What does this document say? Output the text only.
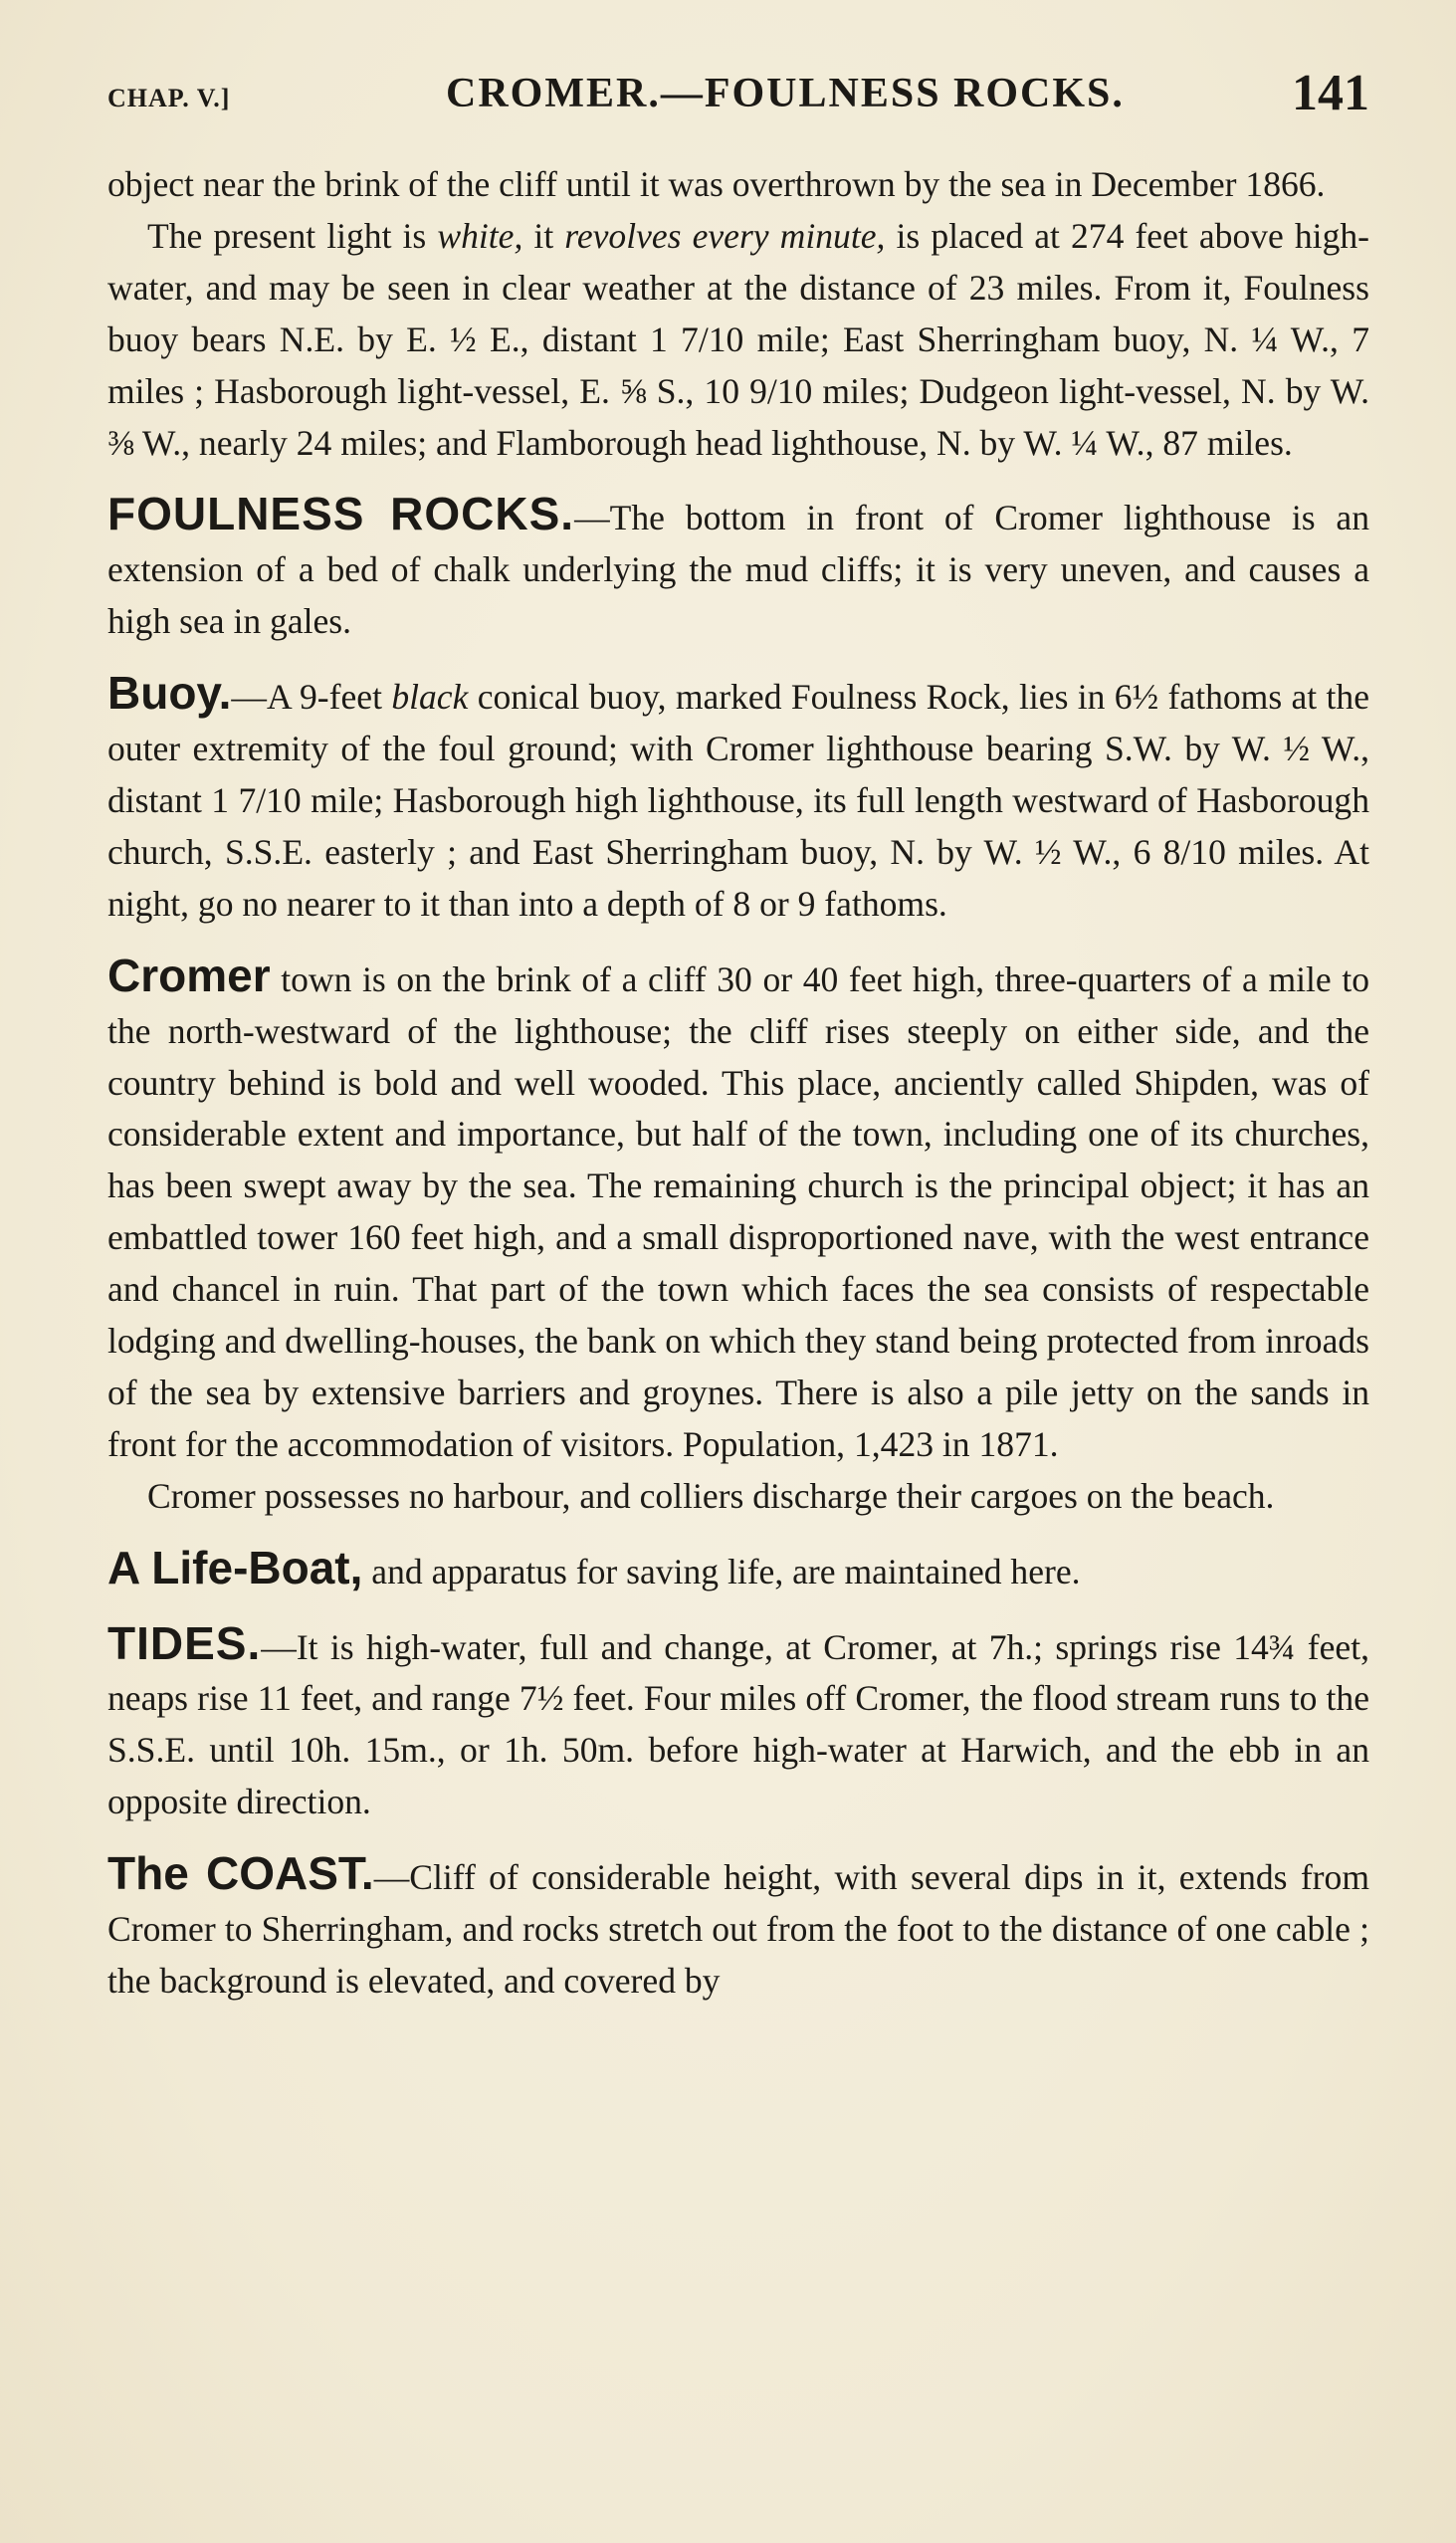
CHAP. V.]	CROMER.—FOULNESS ROCKS.	141

object near the brink of the cliff until it was overthrown by the sea in December 1866.

The present light is white, it revolves every minute, is placed at 274 feet above high-water, and may be seen in clear weather at the distance of 23 miles. From it, Foulness buoy bears N.E. by E. ½ E., distant 1 7/10 mile; East Sherringham buoy, N. ¼ W., 7 miles ; Hasborough light-vessel, E. ⅝ S., 10 9/10 miles; Dudgeon light-vessel, N. by W. ⅜ W., nearly 24 miles; and Flamborough head lighthouse, N. by W. ¼ W., 87 miles.

FOULNESS ROCKS.—The bottom in front of Cromer lighthouse is an extension of a bed of chalk underlying the mud cliffs; it is very uneven, and causes a high sea in gales.

Buoy.—A 9-feet black conical buoy, marked Foulness Rock, lies in 6½ fathoms at the outer extremity of the foul ground; with Cromer lighthouse bearing S.W. by W. ½ W., distant 1 7/10 mile; Hasborough high lighthouse, its full length westward of Hasborough church, S.S.E. easterly ; and East Sherringham buoy, N. by W. ½ W., 6 8/10 miles. At night, go no nearer to it than into a depth of 8 or 9 fathoms.

Cromer town is on the brink of a cliff 30 or 40 feet high, three-quarters of a mile to the north-westward of the lighthouse; the cliff rises steeply on either side, and the country behind is bold and well wooded. This place, anciently called Shipden, was of considerable extent and importance, but half of the town, including one of its churches, has been swept away by the sea. The remaining church is the principal object; it has an embattled tower 160 feet high, and a small disproportioned nave, with the west entrance and chancel in ruin. That part of the town which faces the sea consists of respectable lodging and dwelling-houses, the bank on which they stand being protected from inroads of the sea by extensive barriers and groynes. There is also a pile jetty on the sands in front for the accommodation of visitors. Population, 1,423 in 1871.

Cromer possesses no harbour, and colliers discharge their cargoes on the beach.

A Life-Boat, and apparatus for saving life, are maintained here.

TIDES.—It is high-water, full and change, at Cromer, at 7h.; springs rise 14¾ feet, neaps rise 11 feet, and range 7½ feet. Four miles off Cromer, the flood stream runs to the S.S.E. until 10h. 15m., or 1h. 50m. before high-water at Harwich, and the ebb in an opposite direction.

The COAST.—Cliff of considerable height, with several dips in it, extends from Cromer to Sherringham, and rocks stretch out from the foot to the distance of one cable ; the background is elevated, and covered by
